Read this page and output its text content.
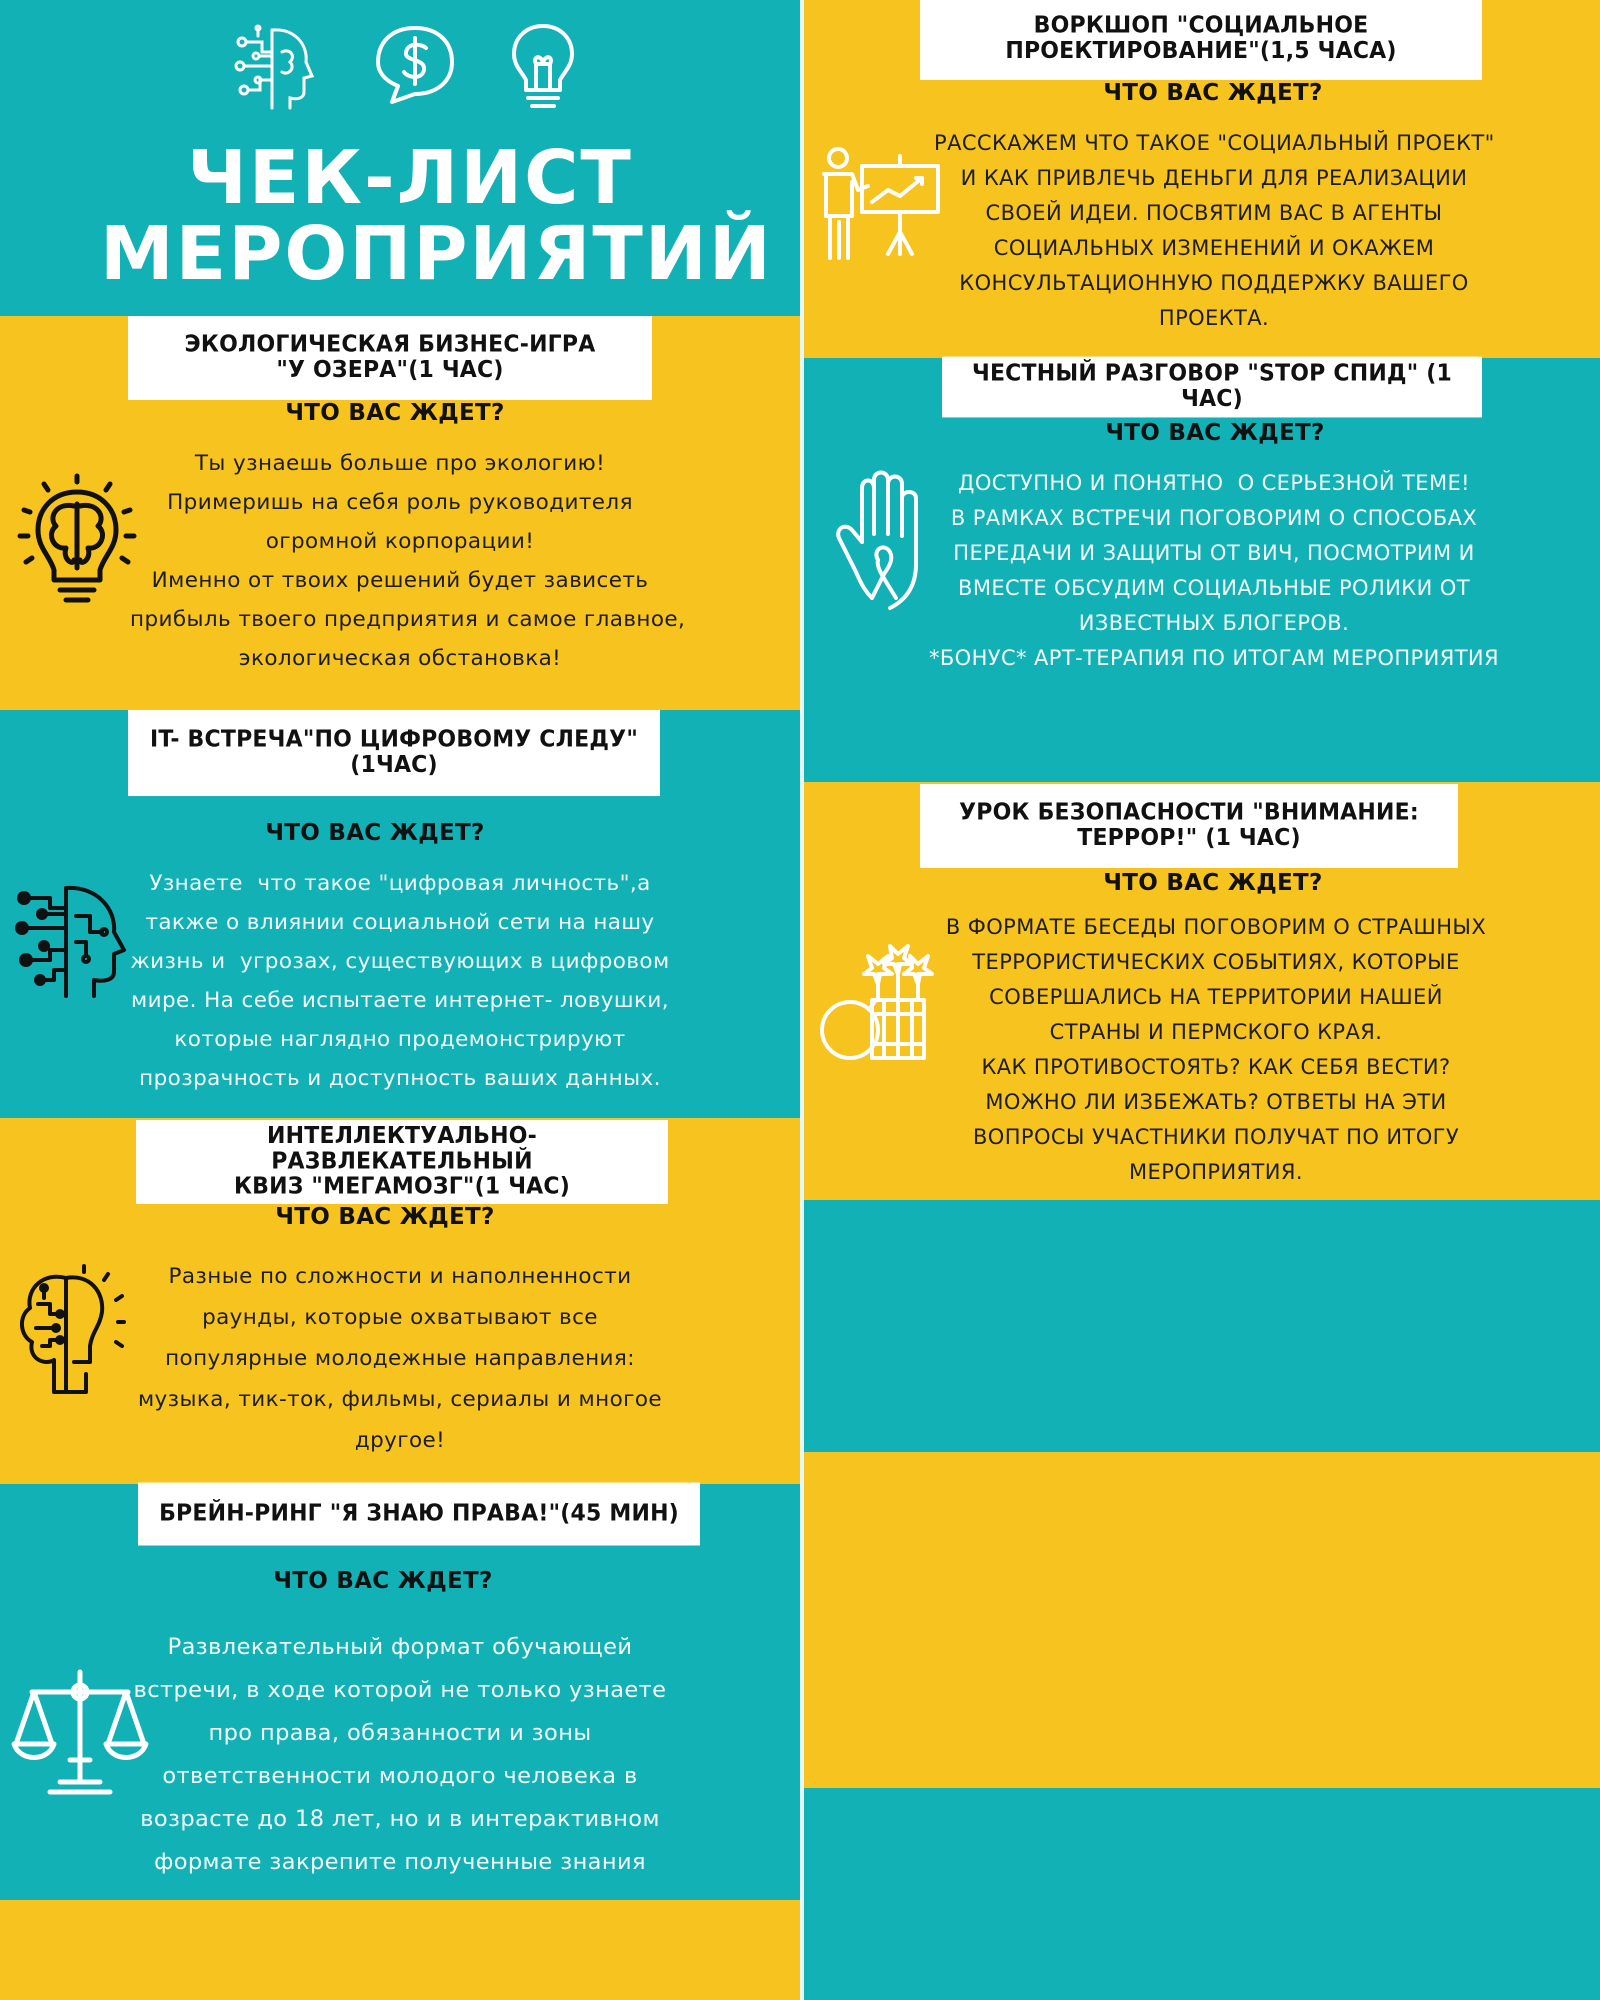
ЧЕК-ЛИСТ
МЕРОПРИЯТИЙ
ЭКОЛОГИЧЕСКАЯ БИЗНЕС-ИГРА
"У ОЗЕРА"(1 ЧАС)
ЧТО ВАС ЖДЕТ?
Ты узнаешь больше про экологию!
Примеришь на себя роль руководителя
огромной корпорации!
Именно от твоих решений будет зависеть
прибыль твоего предприятия и самое главное,
экологическая обстановка!
IT- ВСТРЕЧА"ПО ЦИФРОВОМУ СЛЕДУ"
(1ЧАС)
ЧТО ВАС ЖДЕТ?
Узнаете  что такое "цифровая личность",а
также о влиянии социальной сети на нашу
жизнь и  угрозах, существующих в цифровом
мире. На себе испытаете интернет- ловушки,
которые наглядно продемонстрируют
прозрачность и доступность ваших данных.
ИНТЕЛЛЕКТУАЛЬНО-РАЗВЛЕКАТЕЛЬНЫЙ
КВИЗ "МЕГАМОЗГ"(1 ЧАС)
ЧТО ВАС ЖДЕТ?
Разные по сложности и наполненности
раунды, которые охватывают все
популярные молодежные направления:
музыка, тик-ток, фильмы, сериалы и многое
другое!
БРЕЙН-РИНГ "Я ЗНАЮ ПРАВА!"(45 МИН)
ЧТО ВАС ЖДЕТ?
Развлекательный формат обучающей
встречи, в ходе которой не только узнаете
про права, обязанности и зоны
ответственности молодого человека в
возрасте до 18 лет, но и в интерактивном
формате закрепите полученные знания
ВОРКШОП "СОЦИАЛЬНОЕ
ПРОЕКТИРОВАНИЕ"(1,5 ЧАСА)
ЧТО ВАС ЖДЕТ?
РАССКАЖЕМ ЧТО ТАКОЕ "СОЦИАЛЬНЫЙ ПРОЕКТ"
И КАК ПРИВЛЕЧЬ ДЕНЬГИ ДЛЯ РЕАЛИЗАЦИИ
СВОЕЙ ИДЕИ. ПОСВЯТИМ ВАС В АГЕНТЫ
СОЦИАЛЬНЫХ ИЗМЕНЕНИЙ И ОКАЖЕМ
КОНСУЛЬТАЦИОННУЮ ПОДДЕРЖКУ ВАШЕГО
ПРОЕКТА.
ЧЕСТНЫЙ РАЗГОВОР "STOP СПИД" (1 ЧАС)
ЧТО ВАС ЖДЕТ?
ДОСТУПНО И ПОНЯТНО  О СЕРЬЕЗНОЙ ТЕМЕ!
В РАМКАХ ВСТРЕЧИ ПОГОВОРИМ О СПОСОБАХ
ПЕРЕДАЧИ И ЗАЩИТЫ ОТ ВИЧ, ПОСМОТРИМ И
ВМЕСТЕ ОБСУДИМ СОЦИАЛЬНЫЕ РОЛИКИ ОТ
ИЗВЕСТНЫХ БЛОГЕРОВ.
*БОНУС* АРТ-ТЕРАПИЯ ПО ИТОГАМ МЕРОПРИЯТИЯ
УРОК БЕЗОПАСНОСТИ "ВНИМАНИЕ:
ТЕРРОР!" (1 ЧАС)
ЧТО ВАС ЖДЕТ?
В ФОРМАТЕ БЕСЕДЫ ПОГОВОРИМ О СТРАШНЫХ
ТЕРРОРИСТИЧЕСКИХ СОБЫТИЯХ, КОТОРЫЕ
СОВЕРШАЛИСЬ НА ТЕРРИТОРИИ НАШЕЙ
СТРАНЫ И ПЕРМСКОГО КРАЯ.
КАК ПРОТИВОСТОЯТЬ? КАК СЕБЯ ВЕСТИ?
МОЖНО ЛИ ИЗБЕЖАТЬ? ОТВЕТЫ НА ЭТИ
ВОПРОСЫ УЧАСТНИКИ ПОЛУЧАТ ПО ИТОГУ
МЕРОПРИЯТИЯ.
